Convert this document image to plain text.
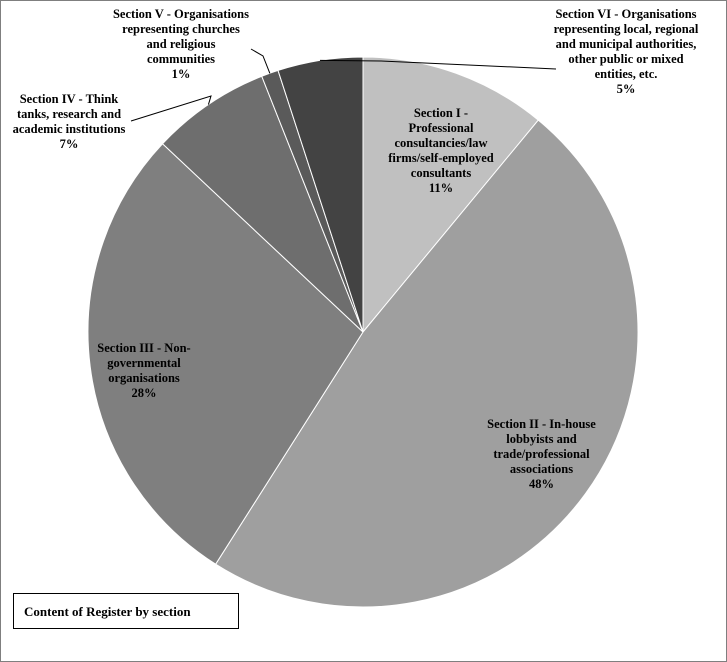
Section I - Professional consultancies/law firms/self-employed consultants
11%
Section II - In-house lobbyists and trade/professional associations
48%
Section III - Non-governmental organisations
28%
Section IV - Think tanks, research and academic institutions
7%
Section V - Organisations representing churches and religious communities
1%
Section VI - Organisations representing local, regional and municipal authorities, other public or mixed entities, etc.
5%
Content of Register by section
